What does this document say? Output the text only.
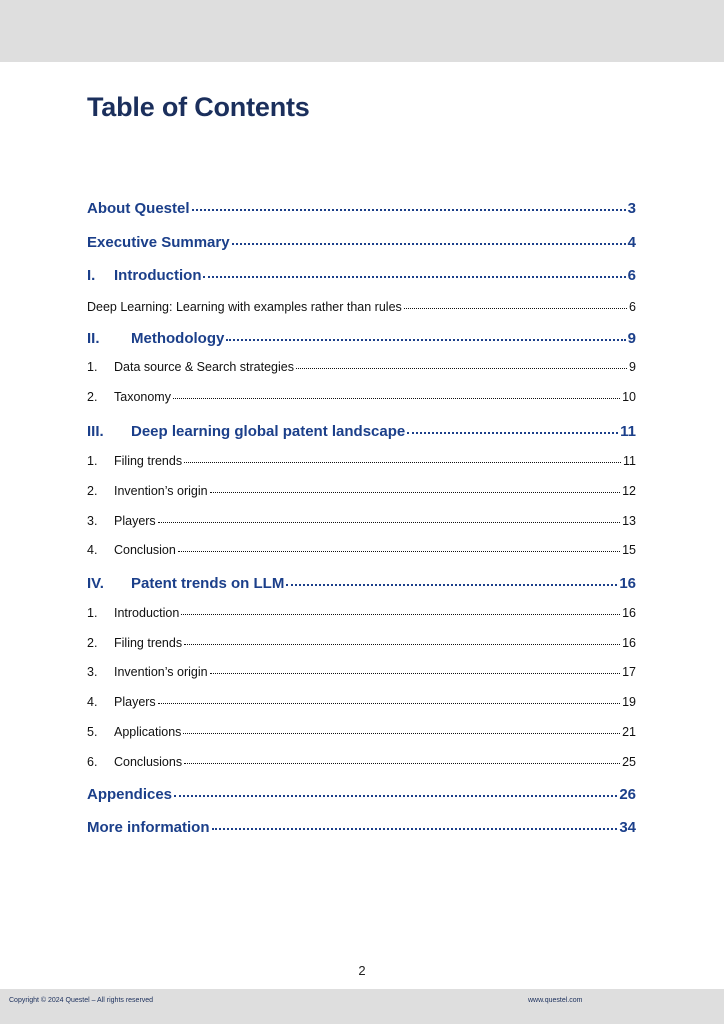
Table of Contents
About Questel	3
Executive Summary	4
I.	Introduction	6
Deep Learning: Learning with examples rather than rules	6
II.	Methodology	9
1.	Data source & Search strategies	9
2.	Taxonomy	10
III.	Deep learning global patent landscape	11
1.	Filing trends	11
2.	Invention’s origin	12
3.	Players	13
4.	Conclusion	15
IV.	Patent trends on LLM	16
1.	Introduction	16
2.	Filing trends	16
3.	Invention’s origin	17
4.	Players	19
5.	Applications	21
6.	Conclusions	25
Appendices	26
More information	34
2
Copyright © 2024 Questel – All rights reserved	www.questel.com
